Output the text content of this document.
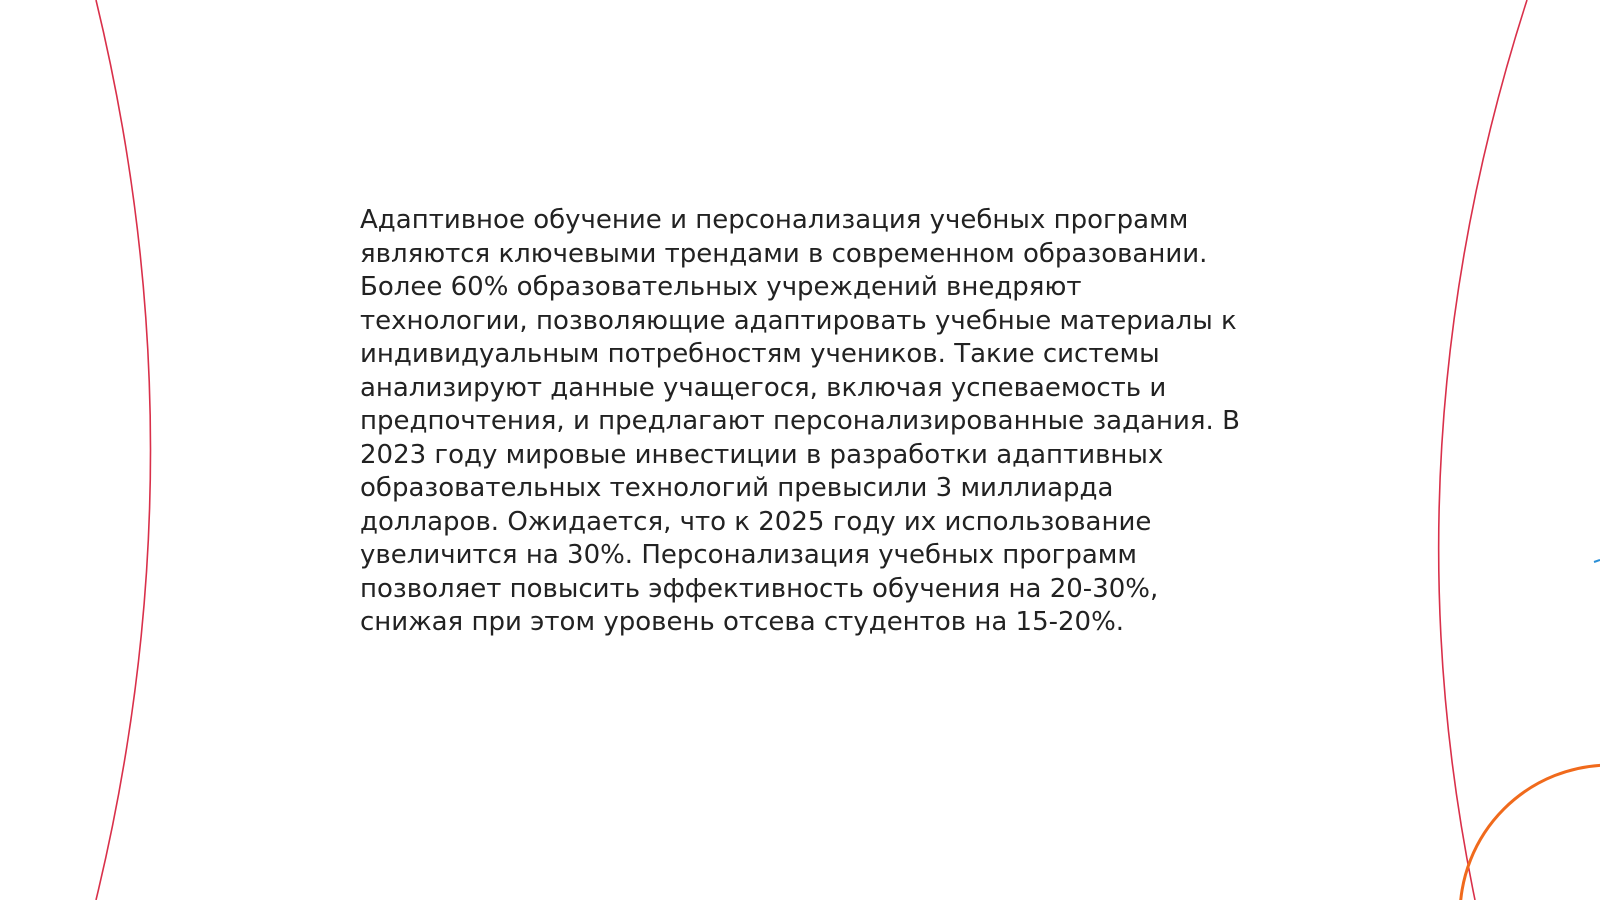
Адаптивное обучение и персонализация учебных программ
являются ключевыми трендами в современном образовании.
Более 60% образовательных учреждений внедряют
технологии, позволяющие адаптировать учебные материалы к
индивидуальным потребностям учеников. Такие системы
анализируют данные учащегося, включая успеваемость и
предпочтения, и предлагают персонализированные задания. В
2023 году мировые инвестиции в разработки адаптивных
образовательных технологий превысили 3 миллиарда
долларов. Ожидается, что к 2025 году их использование
увеличится на 30%. Персонализация учебных программ
позволяет повысить эффективность обучения на 20-30%,
снижая при этом уровень отсева студентов на 15-20%.
